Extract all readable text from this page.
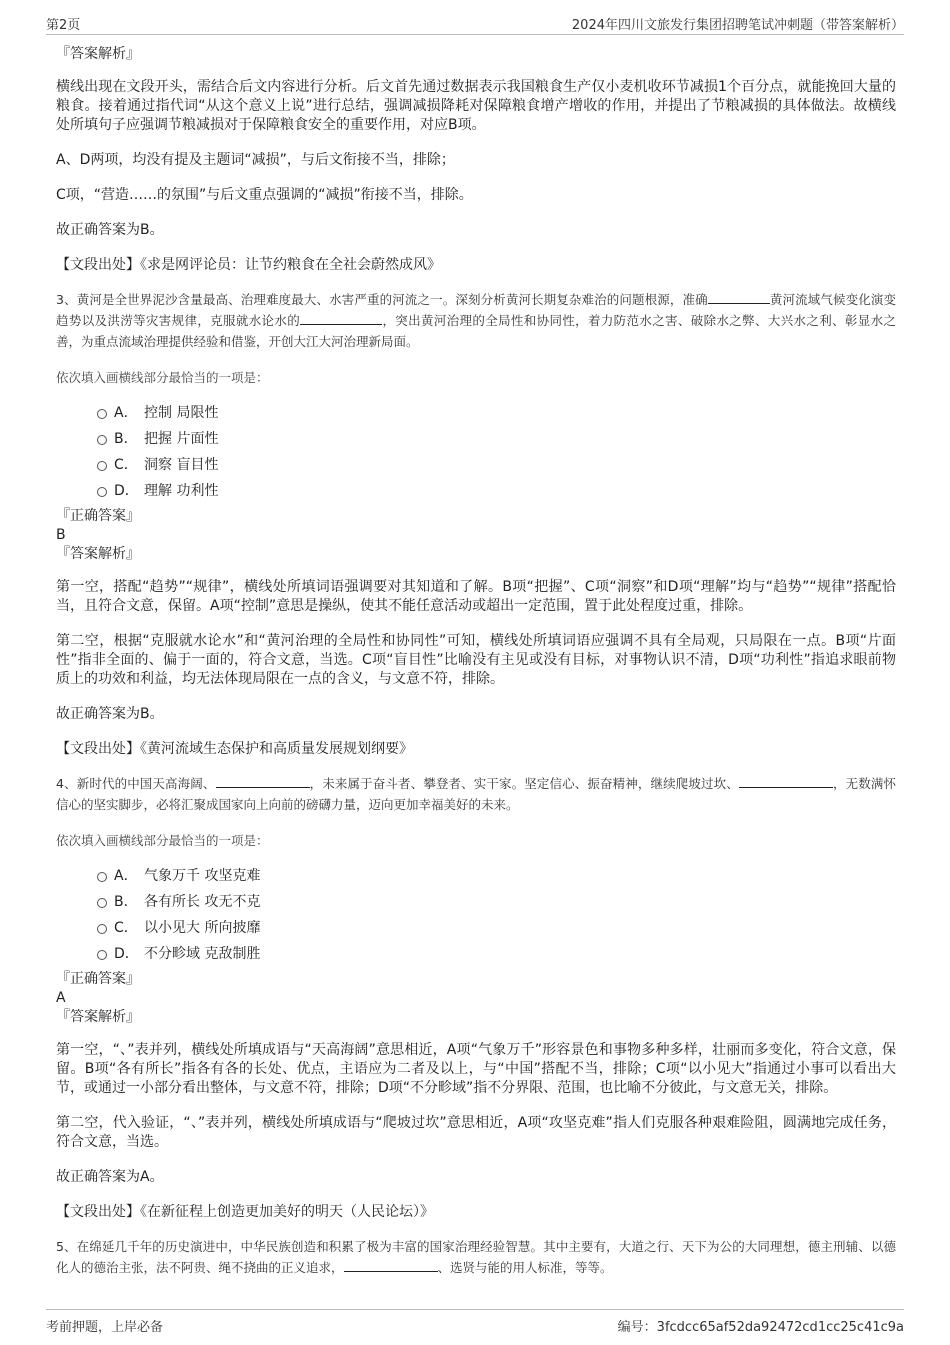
第2页	2024年四川文旅发行集团招聘笔试冲刺题（带答案解析）

『答案解析』

横线出现在文段开头，需结合后文内容进行分析。后文首先通过数据表示我国粮食生产仅小麦机收环节减损1个百分点，就能挽回大量的粮食。接着通过指代词“从这个意义上说”进行总结，强调减损降耗对保障粮食增产增收的作用，并提出了节粮减损的具体做法。故横线处所填句子应强调节粮减损对于保障粮食安全的重要作用，对应B项。

A、D两项，均没有提及主题词“减损”，与后文衔接不当，排除；

C项，“营造……的氛围”与后文重点强调的“减损”衔接不当，排除。

故正确答案为B。

【文段出处】《求是网评论员：让节约粮食在全社会蔚然成风》

3、黄河是全世界泥沙含量最高、治理难度最大、水害严重的河流之一。深刻分析黄河长期复杂难治的问题根源，准确	黄河流域气候变化演变趋势以及洪涝等灾害规律，克服就水论水的	，突出黄河治理的全局性和协同性，着力防范水之害、破除水之弊、大兴水之利、彰显水之善，为重点流域治理提供经验和借鉴，开创大江大河治理新局面。

依次填入画横线部分最恰当的一项是：

A． 控制 局限性
B． 把握 片面性
C． 洞察 盲目性
D． 理解 功利性

『正确答案』

B

『答案解析』

第一空，搭配“趋势”“规律”，横线处所填词语强调要对其知道和了解。B项“把握”、C项“洞察”和D项“理解”均与“趋势”“规律”搭配恰当，且符合文意，保留。A项“控制”意思是操纵，使其不能任意活动或超出一定范围，置于此处程度过重，排除。

第二空，根据“克服就水论水”和“黄河治理的全局性和协同性”可知，横线处所填词语应强调不具有全局观，只局限在一点。B项“片面性”指非全面的、偏于一面的，符合文意，当选。C项“盲目性”比喻没有主见或没有目标，对事物认识不清，D项“功利性”指追求眼前物质上的功效和利益，均无法体现局限在一点的含义，与文意不符，排除。

故正确答案为B。

【文段出处】《黄河流域生态保护和高质量发展规划纲要》

4、新时代的中国天高海阔、	，未来属于奋斗者、攀登者、实干家。坚定信心、振奋精神，继续爬坡过坎、	，无数满怀信心的坚实脚步，必将汇聚成国家向上向前的磅礴力量，迈向更加幸福美好的未来。

依次填入画横线部分最恰当的一项是：

A． 气象万千 攻坚克难
B． 各有所长 攻无不克
C． 以小见大 所向披靡
D． 不分畛域 克敌制胜

『正确答案』

A

『答案解析』

第一空，“、”表并列，横线处所填成语与“天高海阔”意思相近，A项“气象万千”形容景色和事物多种多样，壮丽而多变化，符合文意，保留。B项“各有所长”指各有各的长处、优点，主语应为二者及以上，与“中国”搭配不当，排除；C项“以小见大”指通过小事可以看出大节，或通过一小部分看出整体，与文意不符，排除；D项“不分畛域”指不分界限、范围，也比喻不分彼此，与文意无关，排除。

第二空，代入验证，“、”表并列，横线处所填成语与“爬坡过坎”意思相近，A项“攻坚克难”指人们克服各种艰难险阻，圆满地完成任务，符合文意，当选。

故正确答案为A。

【文段出处】《在新征程上创造更加美好的明天（人民论坛）》

5、在绵延几千年的历史演进中，中华民族创造和积累了极为丰富的国家治理经验智慧。其中主要有，大道之行、天下为公的大同理想，德主刑辅、以德化人的德治主张，法不阿贵、绳不挠曲的正义追求，	、选贤与能的用人标准，等等。

考前押题，上岸必备	编号：3fcdcc65af52da92472cd1cc25c41c9a
